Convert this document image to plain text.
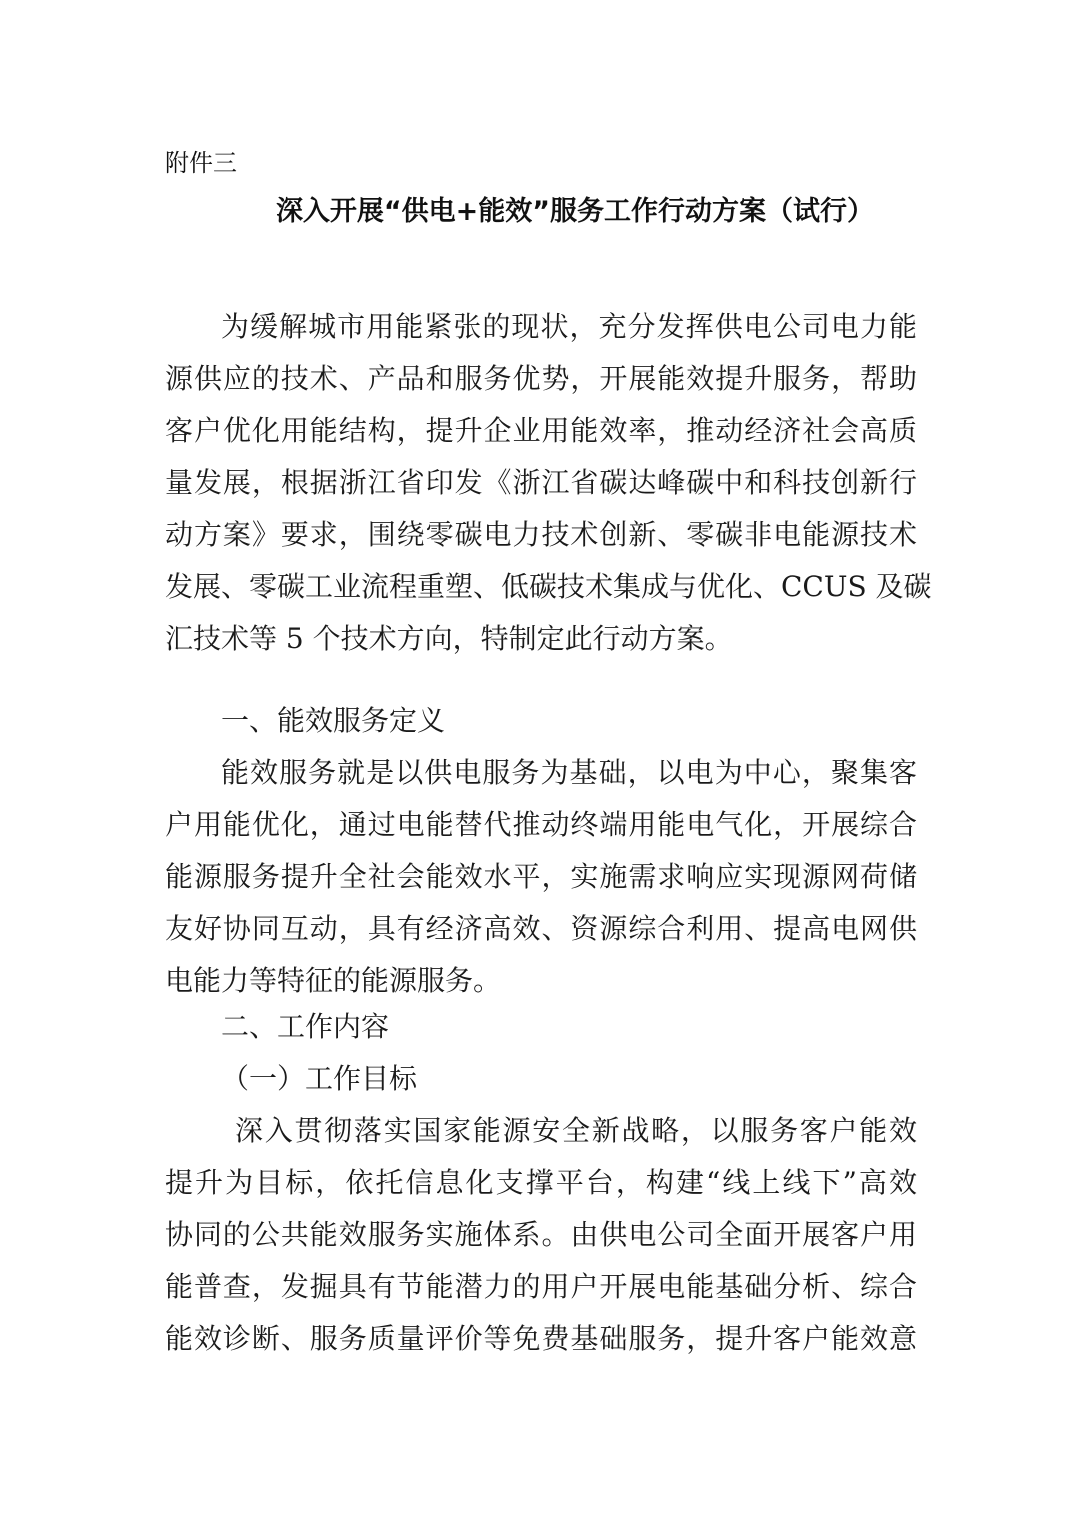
附件三
深入开展“供电+能效”服务工作行动方案（试行）
为缓解城市用能紧张的现状，充分发挥供电公司电力能
源供应的技术、产品和服务优势，开展能效提升服务，帮助
客户优化用能结构，提升企业用能效率，推动经济社会高质
量发展，根据浙江省印发《浙江省碳达峰碳中和科技创新行
动方案》要求，围绕零碳电力技术创新、零碳非电能源技术
发展、零碳工业流程重塑、低碳技术集成与优化、CCUS 及碳
汇技术等 5 个技术方向，特制定此行动方案。
一、能效服务定义
能效服务就是以供电服务为基础，以电为中心，聚集客
户用能优化，通过电能替代推动终端用能电气化，开展综合
能源服务提升全社会能效水平，实施需求响应实现源网荷储
友好协同互动，具有经济高效、资源综合利用、提高电网供
电能力等特征的能源服务。
二、工作内容
（一）工作目标
深入贯彻落实国家能源安全新战略，以服务客户能效
提升为目标，依托信息化支撑平台，构建“线上线下”高效
协同的公共能效服务实施体系。由供电公司全面开展客户用
能普查，发掘具有节能潜力的用户开展电能基础分析、综合
能效诊断、服务质量评价等免费基础服务，提升客户能效意
